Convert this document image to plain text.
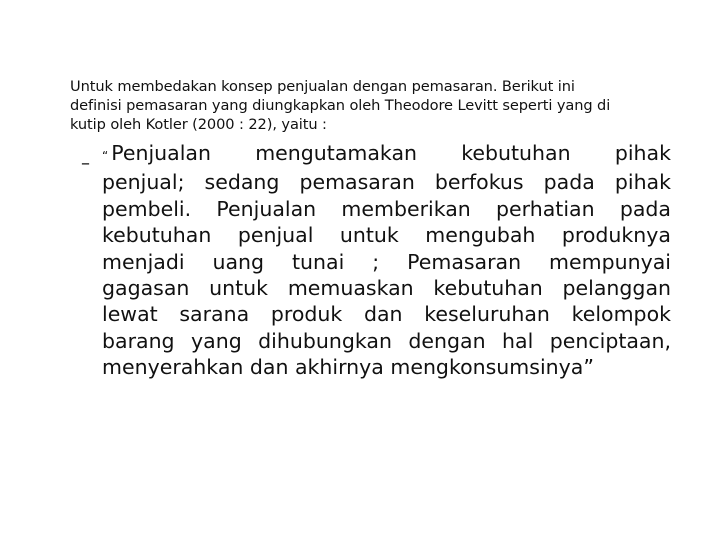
Untuk membedakan konsep penjualan dengan pemasaran. Berikut ini
definisi pemasaran yang diungkapkan oleh Theodore Levitt seperti yang di
kutip oleh Kotler (2000 : 22), yaitu :
– “ Penjualan mengutamakan kebutuhan pihak
penjual; sedang pemasaran berfokus pada pihak
pembeli. Penjualan memberikan perhatian pada
kebutuhan penjual untuk mengubah produknya
menjadi uang tunai ; Pemasaran mempunyai
gagasan untuk memuaskan kebutuhan pelanggan
lewat sarana produk dan keseluruhan kelompok
barang yang dihubungkan dengan hal penciptaan,
menyerahkan dan akhirnya mengkonsumsinya”
